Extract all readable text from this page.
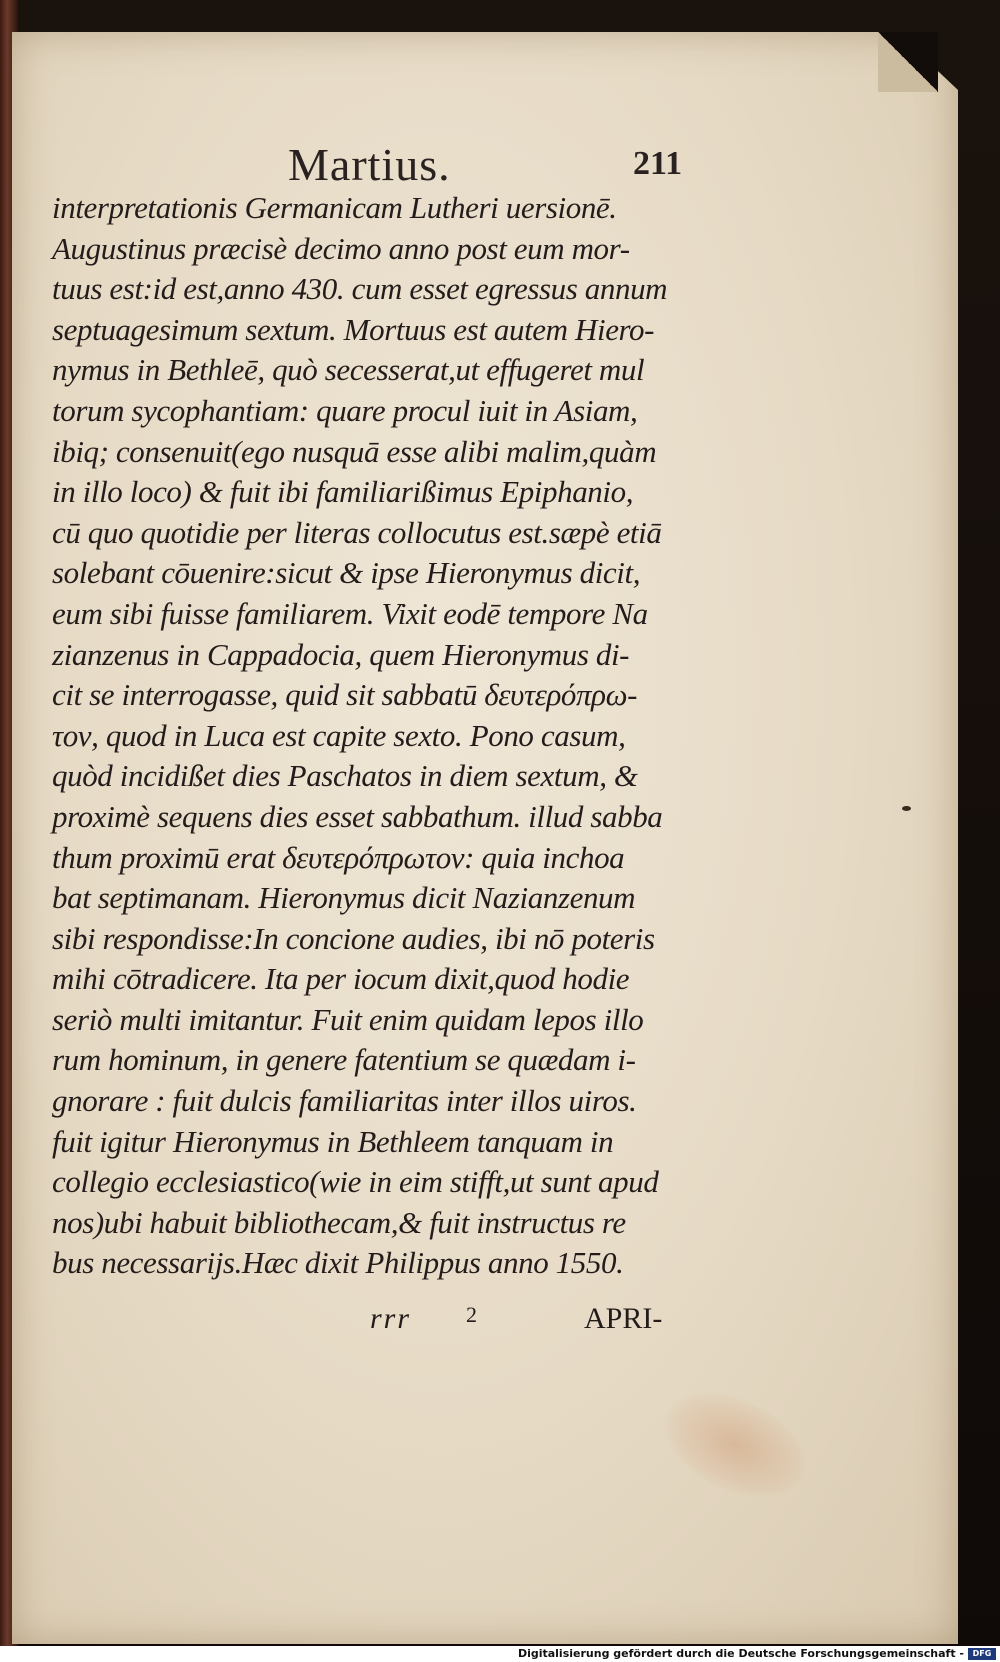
Martius.	211
interpretationis Germanicam Lutheri uersionē.
Augustinus præcisè decimo anno post eum mor-
tuus est:id est,anno 430. cum esset egressus annum
septuagesimum sextum. Mortuus est autem Hiero-
nymus in Bethleē, quò secesserat,ut effugeret mul
torum sycophantiam: quare procul iuit in Asiam,
ibiq; consenuit(ego nusquā esse alibi malim,quàm
in illo loco) & fuit ibi familiarißimus Epiphanio,
cū quo quotidie per literas collocutus est.sæpè etiā
solebant cōuenire:sicut & ipse Hieronymus dicit,
eum sibi fuisse familiarem. Vixit eodē tempore Na
zianzenus in Cappadocia, quem Hieronymus di-
cit se interrogasse, quid sit sabbatū δευτερόπρω-
τον, quod in Luca est capite sexto. Pono casum,
quòd incidißet dies Paschatos in diem sextum, &
proximè sequens dies esset sabbathum. illud sabba
thum proximū erat δευτερόπρωτον: quia inchoa
bat septimanam. Hieronymus dicit Nazianzenum
sibi respondisse:In concione audies, ibi nō poteris
mihi cōtradicere. Ita per iocum dixit,quod hodie
seriò multi imitantur. Fuit enim quidam lepos illo
rum hominum, in genere fatentium se quædam i-
gnorare : fuit dulcis familiaritas inter illos uiros.
fuit igitur Hieronymus in Bethleem tanquam in
collegio ecclesiastico(wie in eim stifft,ut sunt apud
nos)ubi habuit bibliothecam,& fuit instructus re
bus necessarijs.Hæc dixit Philippus anno 1550.
rrr 2	APRI-
Digitalisierung gefördert durch die Deutsche Forschungsgemeinschaft -	DFG
